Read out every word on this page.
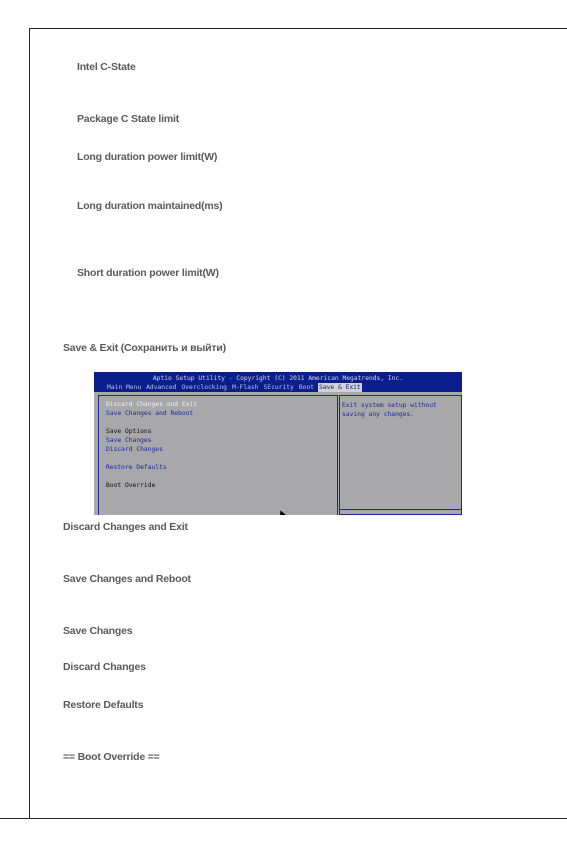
Intel C-State
Package C State limit
Long duration power limit(W)
Long duration maintained(ms)
Short duration power limit(W)
Save & Exit (Сохранить и выйти)
Aptio Setup Utility - Copyright (C) 2011 American Megatrends, Inc.
Main Menu Advanced Overclocking M-Flash SEcurity Boot Save & Exit
Discard Changes and Exit
Save Changes and Reboot
Save Options
Save Changes
Discard Changes
Restore Defaults
Boot Override
Exit system setup without saving any changes.
Discard Changes and Exit
Save Changes and Reboot
Save Changes
Discard Changes
Restore Defaults
== Boot Override ==
